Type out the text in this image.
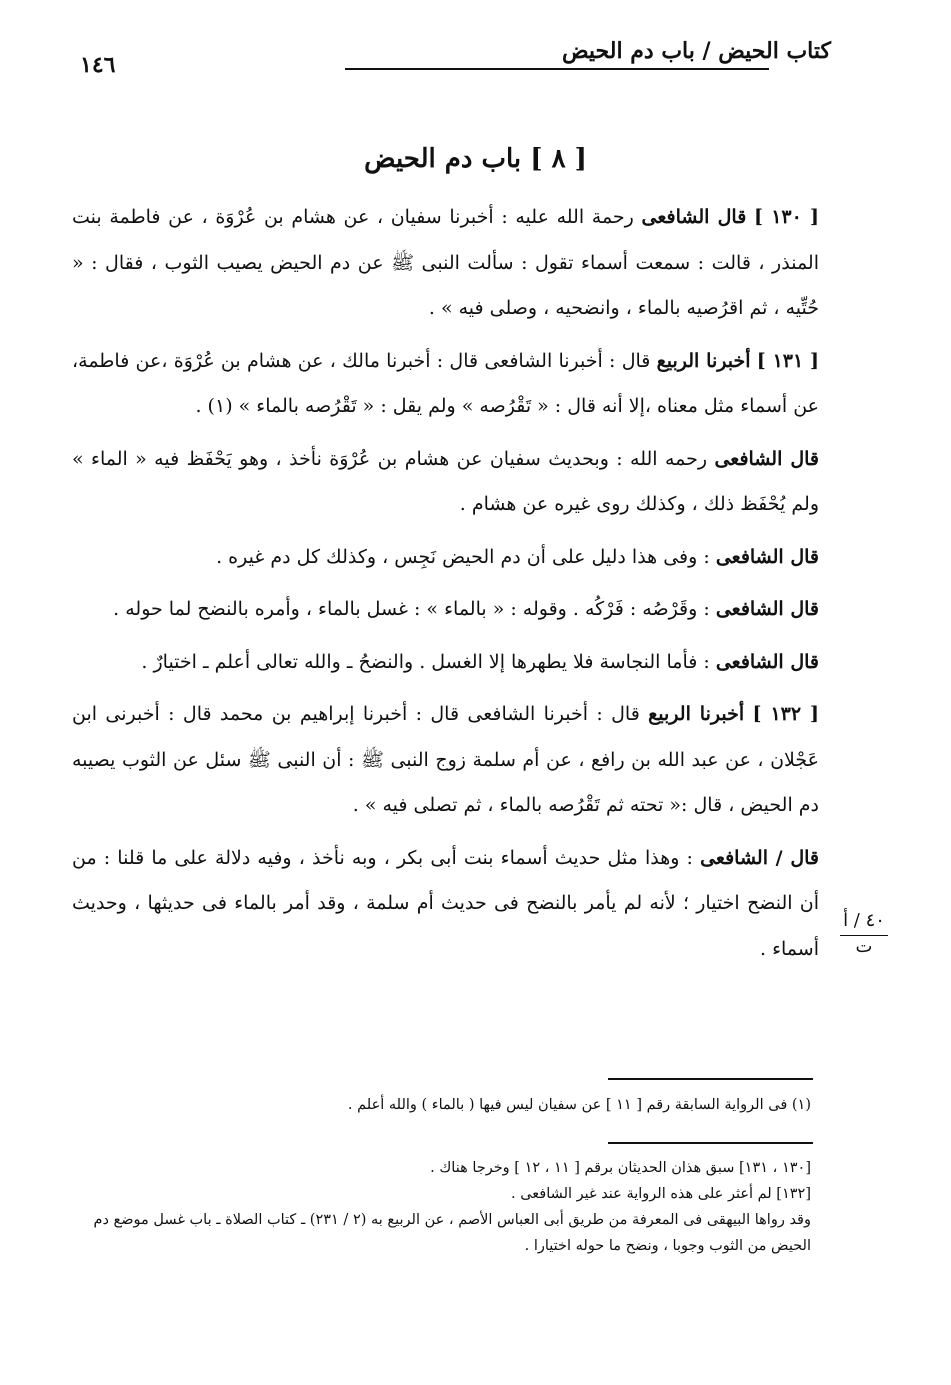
كتاب الحيض / باب دم الحيض
١٤٦
[ ٨ ] باب دم الحيض

[ ١٣٠ ] قال الشافعى رحمة الله عليه : أخبرنا سفيان ، عن هشام بن عُرْوَة ، عن فاطمة بنت المنذر ، قالت : سمعت أسماء تقول : سألت النبى ﷺ عن دم الحيض يصيب الثوب ، فقال : « حُتِّيه ، ثم اقرُصيه بالماء ، وانضحيه ، وصلى فيه » .

[ ١٣١ ] أخبرنا الربيع قال : أخبرنا الشافعى قال : أخبرنا مالك ، عن هشام بن عُرْوَة ،عن فاطمة، عن أسماء مثل معناه ،إلا أنه قال : « تَقْرُصه » ولم يقل : « تَقْرُصه بالماء » (١) .

قال الشافعى رحمه الله : وبحديث سفيان عن هشام بن عُرْوَة نأخذ ، وهو يَحْفَظ فيه « الماء » ولم يُحْفَظ ذلك ، وكذلك روى غيره عن هشام .

قال الشافعى : وفى هذا دليل على أن دم الحيض نَجِس ، وكذلك كل دم غيره .

قال الشافعى : وقَرْصُه : فَرْكُه . وقوله : « بالماء » : غسل بالماء ، وأمره بالنضح لما حوله .

قال الشافعى : فأما النجاسة فلا يطهرها إلا الغسل . والنضحُ ـ والله تعالى أعلم ـ اختيارٌ .

[ ١٣٢ ] أخبرنا الربيع قال : أخبرنا الشافعى قال : أخبرنا إبراهيم بن محمد قال : أخبرنى ابن عَجْلان ، عن عبد الله بن رافع ، عن أم سلمة زوج النبى ﷺ : أن النبى ﷺ سئل عن الثوب يصيبه دم الحيض ، قال :« تحته ثم تَقْرُصه بالماء ، ثم تصلى فيه » .

قال / الشافعى : وهذا مثل حديث أسماء بنت أبى بكر ، وبه نأخذ ، وفيه دلالة على ما قلنا : من أن النضح اختيار ؛ لأنه لم يأمر بالنضح فى حديث أم سلمة ، وقد أمر بالماء فى حديثها ، وحديث أسماء .

٤٠ / أ
ت
(١) فى الرواية السابقة رقم [ ١١ ] عن سفيان ليس فيها ( بالماء ) والله أعلم .
[١٣٠ ، ١٣١] سبق هذان الحديثان برقم [ ١١ ، ١٢ ] وخرجا هناك .
[١٣٢] لم أعثر على هذه الرواية عند غير الشافعى .
وقد رواها البيهقى فى المعرفة من طريق أبى العباس الأصم ، عن الربيع به (٢ / ٢٣١) ـ كتاب الصلاة ـ باب غسل موضع دم الحيض من الثوب وجوبا ، ونضح ما حوله اختيارا .
